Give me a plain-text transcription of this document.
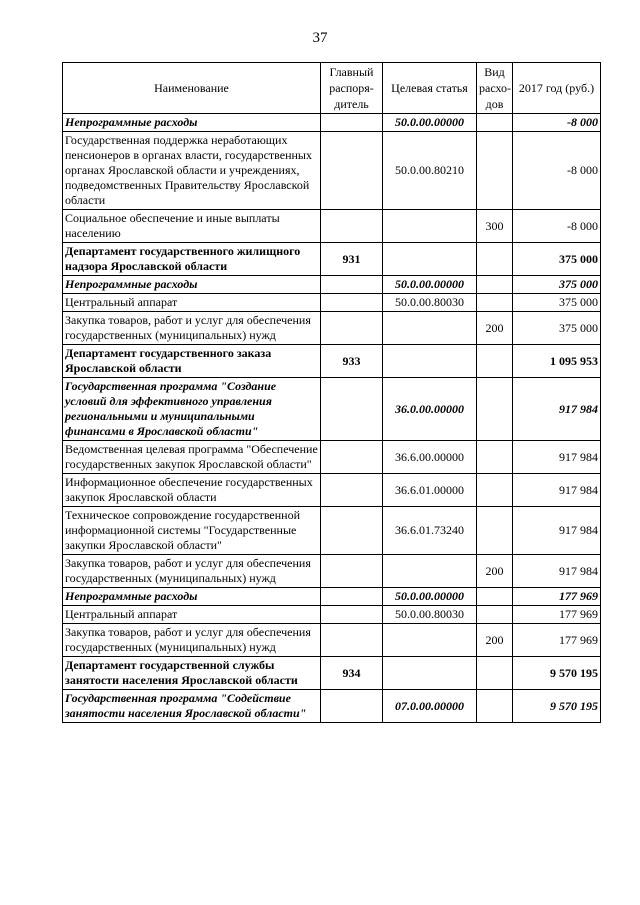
37
Наименование	Главный распоря-дитель	Целевая статья	Вид расхо-дов	2017 год (руб.)
Непрограммные расходы		50.0.00.00000		-8 000
Государственная поддержка неработающих пенсионеров в органах власти, государственных органах Ярославской области и учреждениях, подведомственных Правительству Ярославской области		50.0.00.80210		-8 000
Социальное обеспечение и иные выплаты населению			300	-8 000
Департамент государственного жилищного надзора Ярославской области	931			375 000
Непрограммные расходы		50.0.00.00000		375 000
Центральный аппарат		50.0.00.80030		375 000
Закупка товаров, работ и услуг для обеспечения государственных (муниципальных) нужд			200	375 000
Департамент государственного заказа Ярославской области	933			1 095 953
Государственная программа "Создание условий для эффективного управления региональными и муниципальными финансами в Ярославской области"		36.0.00.00000		917 984
Ведомственная целевая программа "Обеспечение государственных закупок Ярославской области"		36.6.00.00000		917 984
Информационное обеспечение государственных закупок Ярославской области		36.6.01.00000		917 984
Техническое сопровождение государственной информационной системы "Государственные закупки Ярославской области"		36.6.01.73240		917 984
Закупка товаров, работ и услуг для обеспечения государственных (муниципальных) нужд			200	917 984
Непрограммные расходы		50.0.00.00000		177 969
Центральный аппарат		50.0.00.80030		177 969
Закупка товаров, работ и услуг для обеспечения государственных (муниципальных) нужд			200	177 969
Департамент государственной службы занятости населения Ярославской области	934			9 570 195
Государственная программа "Содействие занятости населения Ярославской области"		07.0.00.00000		9 570 195
